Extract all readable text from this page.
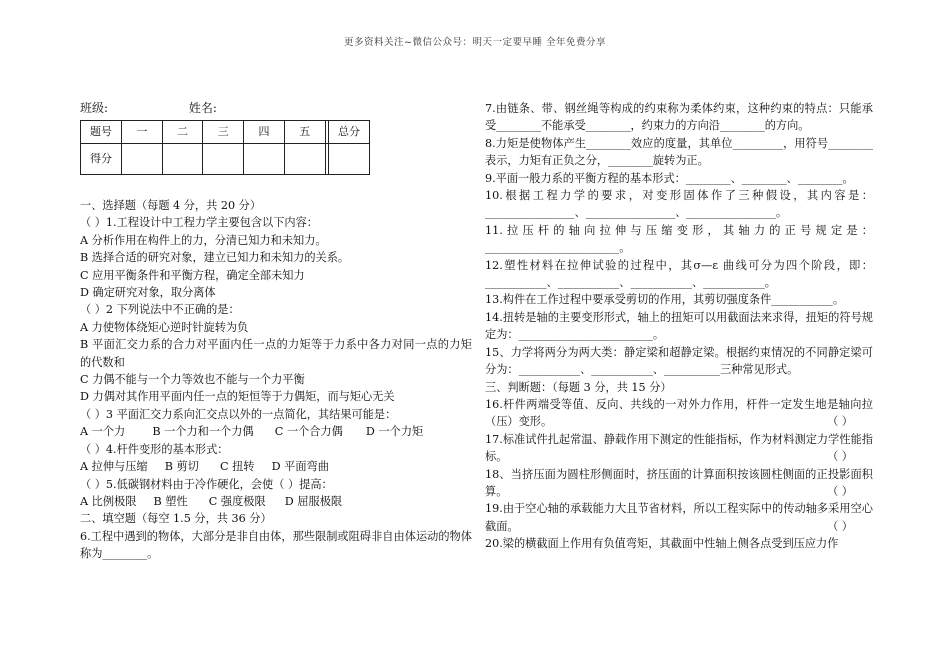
更多资料关注~微信公众号：明天一定要早睡 全年免费分享
班级:	姓名:
题号	一	二	三	四	五		总分
得分							
一、选择题（每题 4 分，共 20 分）
（ ）1.工程设计中工程力学主要包含以下内容：
A 分析作用在构件上的力，分清已知力和未知力。
B 选择合适的研究对象，建立已知力和未知力的关系。
C 应用平衡条件和平衡方程，确定全部未知力
D 确定研究对象，取分离体
（ ）2 下列说法中不正确的是：
A 力使物体绕矩心逆时针旋转为负
B 平面汇交力系的合力对平面内任一点的力矩等于力系中各力对同一点的力矩的代数和
C 力偶不能与一个力等效也不能与一个力平衡
D 力偶对其作用平面内任一点的矩恒等于力偶矩，而与矩心无关
（ ）3 平面汇交力系向汇交点以外的一点简化，其结果可能是：
A 一个力 B 一个力和一个力偶 C 一个合力偶 D 一个力矩
（ ）4.杆件变形的基本形式：
A 拉伸与压缩 B 剪切 C 扭转 D 平面弯曲
（ ）5.低碳钢材料由于冷作硬化，会使（ ）提高：
A 比例极限 B 塑性 C 强度极限 D 屈服极限
二、填空题（每空 1.5 分，共 36 分）
6.工程中遇到的物体，大部分是非自由体，那些限制或阻碍非自由体运动的物体称为________。
7.由链条、带、钢丝绳等构成的约束称为柔体约束，这种约束的特点：只能承受________不能承受________，约束力的方向沿________的方向。
8.力矩是使物体产生________效应的度量，其单位_________，用符号________表示，力矩有正负之分，________旋转为正。
9.平面一般力系的平衡方程的基本形式：________、________、________。
10.根据工程力学的要求，对变形固体作了三种假设，其内容是：________________、________________、________________。
11.拉压杆的轴向拉伸与压缩变形，其轴力的正号规定是：________________________。
12.塑性材料在拉伸试验的过程中，其σ—ε 曲线可分为四个阶段，即：___________、___________、___________、___________。
13.构件在工作过程中要承受剪切的作用，其剪切强度条件___________。
14.扭转是轴的主要变形形式，轴上的扭矩可以用截面法来求得，扭矩的符号规定为：________________________。
15、力学将两分为两大类：静定梁和超静定梁。根据约束情况的不同静定梁可分为：___________、___________、__________三种常见形式。
三、判断题：（每题 3 分，共 15 分）
16.杆件两端受等值、反向、共线的一对外力作用，杆件一定发生地是轴向拉（压）变形。	（ ）
17.标准试件扎起常温、静载作用下测定的性能指标，作为材料测定力学性能指标。	（ ）
18、当挤压面为圆柱形侧面时，挤压面的计算面积按该圆柱侧面的正投影面积算。	（ ）
19.由于空心轴的承载能力大且节省材料，所以工程实际中的传动轴多采用空心截面。	（ ）
20.梁的横截面上作用有负值弯矩，其截面中性轴上侧各点受到压应力作
